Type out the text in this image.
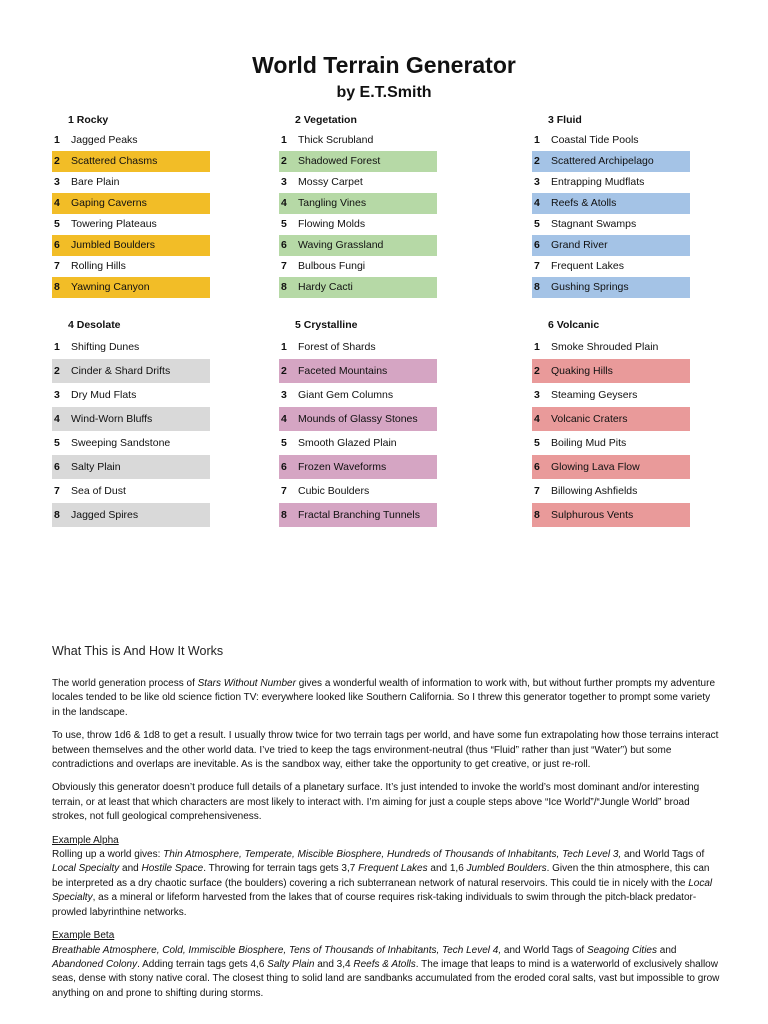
World Terrain Generator
by E.T.Smith
1 Rocky
1	Jagged Peaks
2	Scattered Chasms
3	Bare Plain
4	Gaping Caverns
5	Towering Plateaus
6	Jumbled Boulders
7	Rolling Hills
8	Yawning Canyon
2 Vegetation
1	Thick Scrubland
2	Shadowed Forest
3	Mossy Carpet
4	Tangling Vines
5	Flowing Molds
6	Waving Grassland
7	Bulbous Fungi
8	Hardy Cacti
3 Fluid
1	Coastal Tide Pools
2	Scattered Archipelago
3	Entrapping Mudflats
4	Reefs & Atolls
5	Stagnant Swamps
6	Grand River
7	Frequent Lakes
8	Gushing Springs
4 Desolate
1	Shifting Dunes
2	Cinder & Shard Drifts
3	Dry Mud Flats
4	Wind-Worn Bluffs
5	Sweeping Sandstone
6	Salty Plain
7	Sea of Dust
8	Jagged Spires
5 Crystalline
1	Forest of Shards
2	Faceted Mountains
3	Giant Gem Columns
4	Mounds of Glassy Stones
5	Smooth Glazed Plain
6	Frozen Waveforms
7	Cubic Boulders
8	Fractal Branching Tunnels
6 Volcanic
1	Smoke Shrouded Plain
2	Quaking Hills
3	Steaming Geysers
4	Volcanic Craters
5	Boiling Mud Pits
6	Glowing Lava Flow
7	Billowing Ashfields
8	Sulphurous Vents
What This is And How It Works

The world generation process of Stars Without Number gives a wonderful wealth of information to work with, but without further prompts my adventure locales tended to be like old science fiction TV: everywhere looked like Southern California. So I threw this generator together to prompt some variety in the landscape.

To use, throw 1d6 & 1d8 to get a result. I usually throw twice for two terrain tags per world, and have some fun extrapolating how those terrains interact between themselves and the other world data. I’ve tried to keep the tags environment-neutral (thus “Fluid” rather than just “Water”) but some contradictions and overlaps are inevitable. As is the sandbox way, either take the opportunity to get creative, or just re-roll.

Obviously this generator doesn’t produce full details of a planetary surface. It’s just intended to invoke the world’s most dominant and/or interesting terrain, or at least that which characters are most likely to interact with. I’m aiming for just a couple steps above “Ice World”/“Jungle World” broad strokes, not full geological comprehensiveness.

Example Alpha

Rolling up a world gives: Thin Atmosphere, Temperate, Miscible Biosphere, Hundreds of Thousands of Inhabitants, Tech Level 3, and World Tags of Local Specialty and Hostile Space. Throwing for terrain tags gets 3,7 Frequent Lakes and 1,6 Jumbled Boulders. Given the thin atmosphere, this can be interpreted as a dry chaotic surface (the boulders) covering a rich subterranean network of natural reservoirs. This could tie in nicely with the Local Specialty, as a mineral or lifeform harvested from the lakes that of course requires risk-taking individuals to swim through the pitch-black predator-prowled labyrinthine networks.

Example Beta

Breathable Atmosphere, Cold, Immiscible Biosphere, Tens of Thousands of Inhabitants, Tech Level 4, and World Tags of Seagoing Cities and Abandoned Colony. Adding terrain tags gets 4,6 Salty Plain and 3,4 Reefs & Atolls. The image that leaps to mind is a waterworld of exclusively shallow seas, dense with stony native coral. The closest thing to solid land are sandbanks accumulated from the eroded coral salts, vast but impossible to grow anything on and prone to shifting during storms.
